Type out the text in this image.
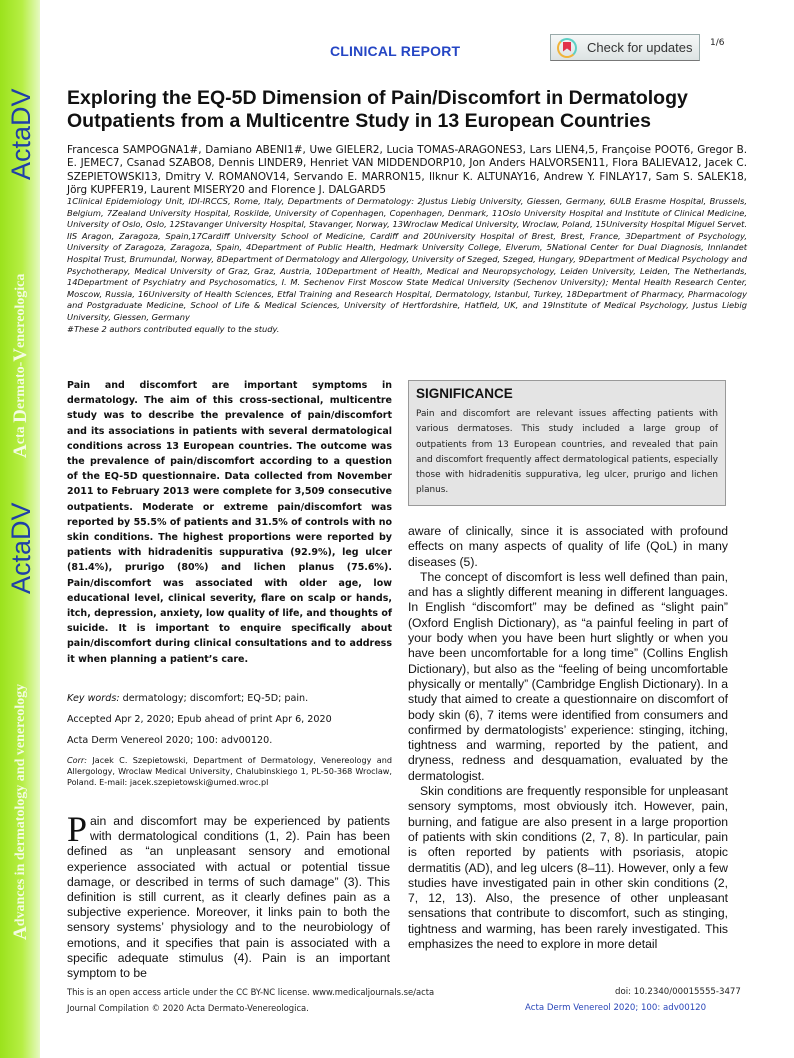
ActaDV
Acta Dermato-Venereologica
ActaDV
Advances in dermatology and venereology
CLINICAL REPORT	Check for updates 1/6
Exploring the EQ-5D Dimension of Pain/Discomfort in Dermatology
Outpatients from a Multicentre Study in 13 European Countries
Francesca SAMPOGNA1#, Damiano ABENI1#, Uwe GIELER2, Lucia TOMAS-ARAGONES3, Lars LIEN4,5, Françoise POOT6, Gregor B. E. JEMEC7, Csanad SZABO8, Dennis LINDER9, Henriet VAN MIDDENDORP10, Jon Anders HALVORSEN11, Flora BALIEVA12, Jacek C. SZEPIETOWSKI13, Dmitry V. ROMANOV14, Servando E. MARRON15, Ilknur K. ALTUNAY16, Andrew Y. FINLAY17, Sam S. SALEK18, Jörg KUPFER19, Laurent MISERY20 and Florence J. DALGARD5
1Clinical Epidemiology Unit, IDI-IRCCS, Rome, Italy, Departments of Dermatology: 2Justus Liebig University, Giessen, Germany, 6ULB Erasme Hospital, Brussels, Belgium, 7Zealand University Hospital, Roskilde, University of Copenhagen, Copenhagen, Denmark, 11Oslo University Hospital and Institute of Clinical Medicine, University of Oslo, Oslo, 12Stavanger University Hospital, Stavanger, Norway, 13Wroclaw Medical University, Wroclaw, Poland, 15University Hospital Miguel Servet. IIS Aragon, Zaragoza, Spain,17Cardiff University School of Medicine, Cardiff and 20University Hospital of Brest, Brest, France, 3Department of Psychology, University of Zaragoza, Zaragoza, Spain, 4Department of Public Health, Hedmark University College, Elverum, 5National Center for Dual Diagnosis, Innlandet Hospital Trust, Brumundal, Norway, 8Department of Dermatology and Allergology, University of Szeged, Szeged, Hungary, 9Department of Medical Psychology and Psychotherapy, Medical University of Graz, Graz, Austria, 10Department of Health, Medical and Neuropsychology, Leiden University, Leiden, The Netherlands, 14Department of Psychiatry and Psychosomatics, I. M. Sechenov First Moscow State Medical University (Sechenov University); Mental Health Research Center, Moscow, Russia, 16University of Health Sciences, Etfal Training and Research Hospital, Dermatology, Istanbul, Turkey, 18Department of Pharmacy, Pharmacology and Postgraduate Medicine, School of Life & Medical Sciences, University of Hertfordshire, Hatfield, UK, and 19Institute of Medical Psychology, Justus Liebig University, Giessen, Germany
#These 2 authors contributed equally to the study.
Pain and discomfort are important symptoms in dermatology. The aim of this cross-sectional, multicentre study was to describe the prevalence of pain/discomfort and its associations in patients with several dermatological conditions across 13 European countries. The outcome was the prevalence of pain/discomfort according to a question of the EQ-5D questionnaire. Data collected from November 2011 to February 2013 were complete for 3,509 consecutive outpatients. Moderate or extreme pain/discomfort was reported by 55.5% of patients and 31.5% of controls with no skin conditions. The highest proportions were reported by patients with hidradenitis suppurativa (92.9%), leg ulcer (81.4%), prurigo (80%) and lichen planus (75.6%). Pain/discomfort was associated with older age, low educational level, clinical severity, flare on scalp or hands, itch, depression, anxiety, low quality of life, and thoughts of suicide. It is important to enquire specifically about pain/discomfort during clinical consultations and to address it when planning a patient’s care.
Key words: dermatology; discomfort; EQ-5D; pain.
Accepted Apr 2, 2020; Epub ahead of print Apr 6, 2020
Acta Derm Venereol 2020; 100: adv00120.
Corr: Jacek C. Szepietowski, Department of Dermatology, Venereology and Allergology, Wroclaw Medical University, Chalubinskiego 1, PL-50-368 Wroclaw, Poland. E-mail: jacek.szepietowski@umed.wroc.pl
SIGNIFICANCE
Pain and discomfort are relevant issues affecting patients with various dermatoses. This study included a large group of outpatients from 13 European countries, and revealed that pain and discomfort frequently affect dermatological patients, especially those with hidradenitis suppurativa, leg ulcer, prurigo and lichen planus.
Pain and discomfort may be experienced by patients with dermatological conditions (1, 2). Pain has been defined as “an unpleasant sensory and emotional experience associated with actual or potential tissue damage, or described in terms of such damage” (3). This definition is still current, as it clearly defines pain as a subjective experience. Moreover, it links pain to both the sensory systems’ physiology and to the neurobiology of emotions, and it specifies that pain is associated with a specific adequate stimulus (4). Pain is an important symptom to be

aware of clinically, since it is associated with profound effects on many aspects of quality of life (QoL) in many diseases (5).

The concept of discomfort is less well defined than pain, and has a slightly different meaning in different languages. In English “discomfort” may be defined as “slight pain” (Oxford English Dictionary), as “a painful feeling in part of your body when you have been hurt slightly or when you have been uncomfortable for a long time” (Collins English Dictionary), but also as the “feeling of being uncomfortable physically or mentally” (Cambridge English Dictionary). In a study that aimed to create a questionnaire on discomfort of body skin (6), 7 items were identified from consumers and confirmed by dermatologists’ experience: stinging, itching, tightness and warming, reported by the patient, and dryness, redness and desquamation, evaluated by the dermatologist.

Skin conditions are frequently responsible for unpleasant sensory symptoms, most obviously itch. However, pain, burning, and fatigue are also present in a large proportion of patients with skin conditions (2, 7, 8). In particular, pain is often reported by patients with psoriasis, atopic dermatitis (AD), and leg ulcers (8–11). However, only a few studies have investigated pain in other skin conditions (2, 7, 12, 13). Also, the presence of other unpleasant sensations that contribute to discomfort, such as stinging, tightness and warming, has been rarely investigated. This emphasizes the need to explore in more detail

This is an open access article under the CC BY-NC license. www.medicaljournals.se/acta
Journal Compilation © 2020 Acta Dermato-Venereologica.
doi: 10.2340/00015555-3477
Acta Derm Venereol 2020; 100: adv00120
